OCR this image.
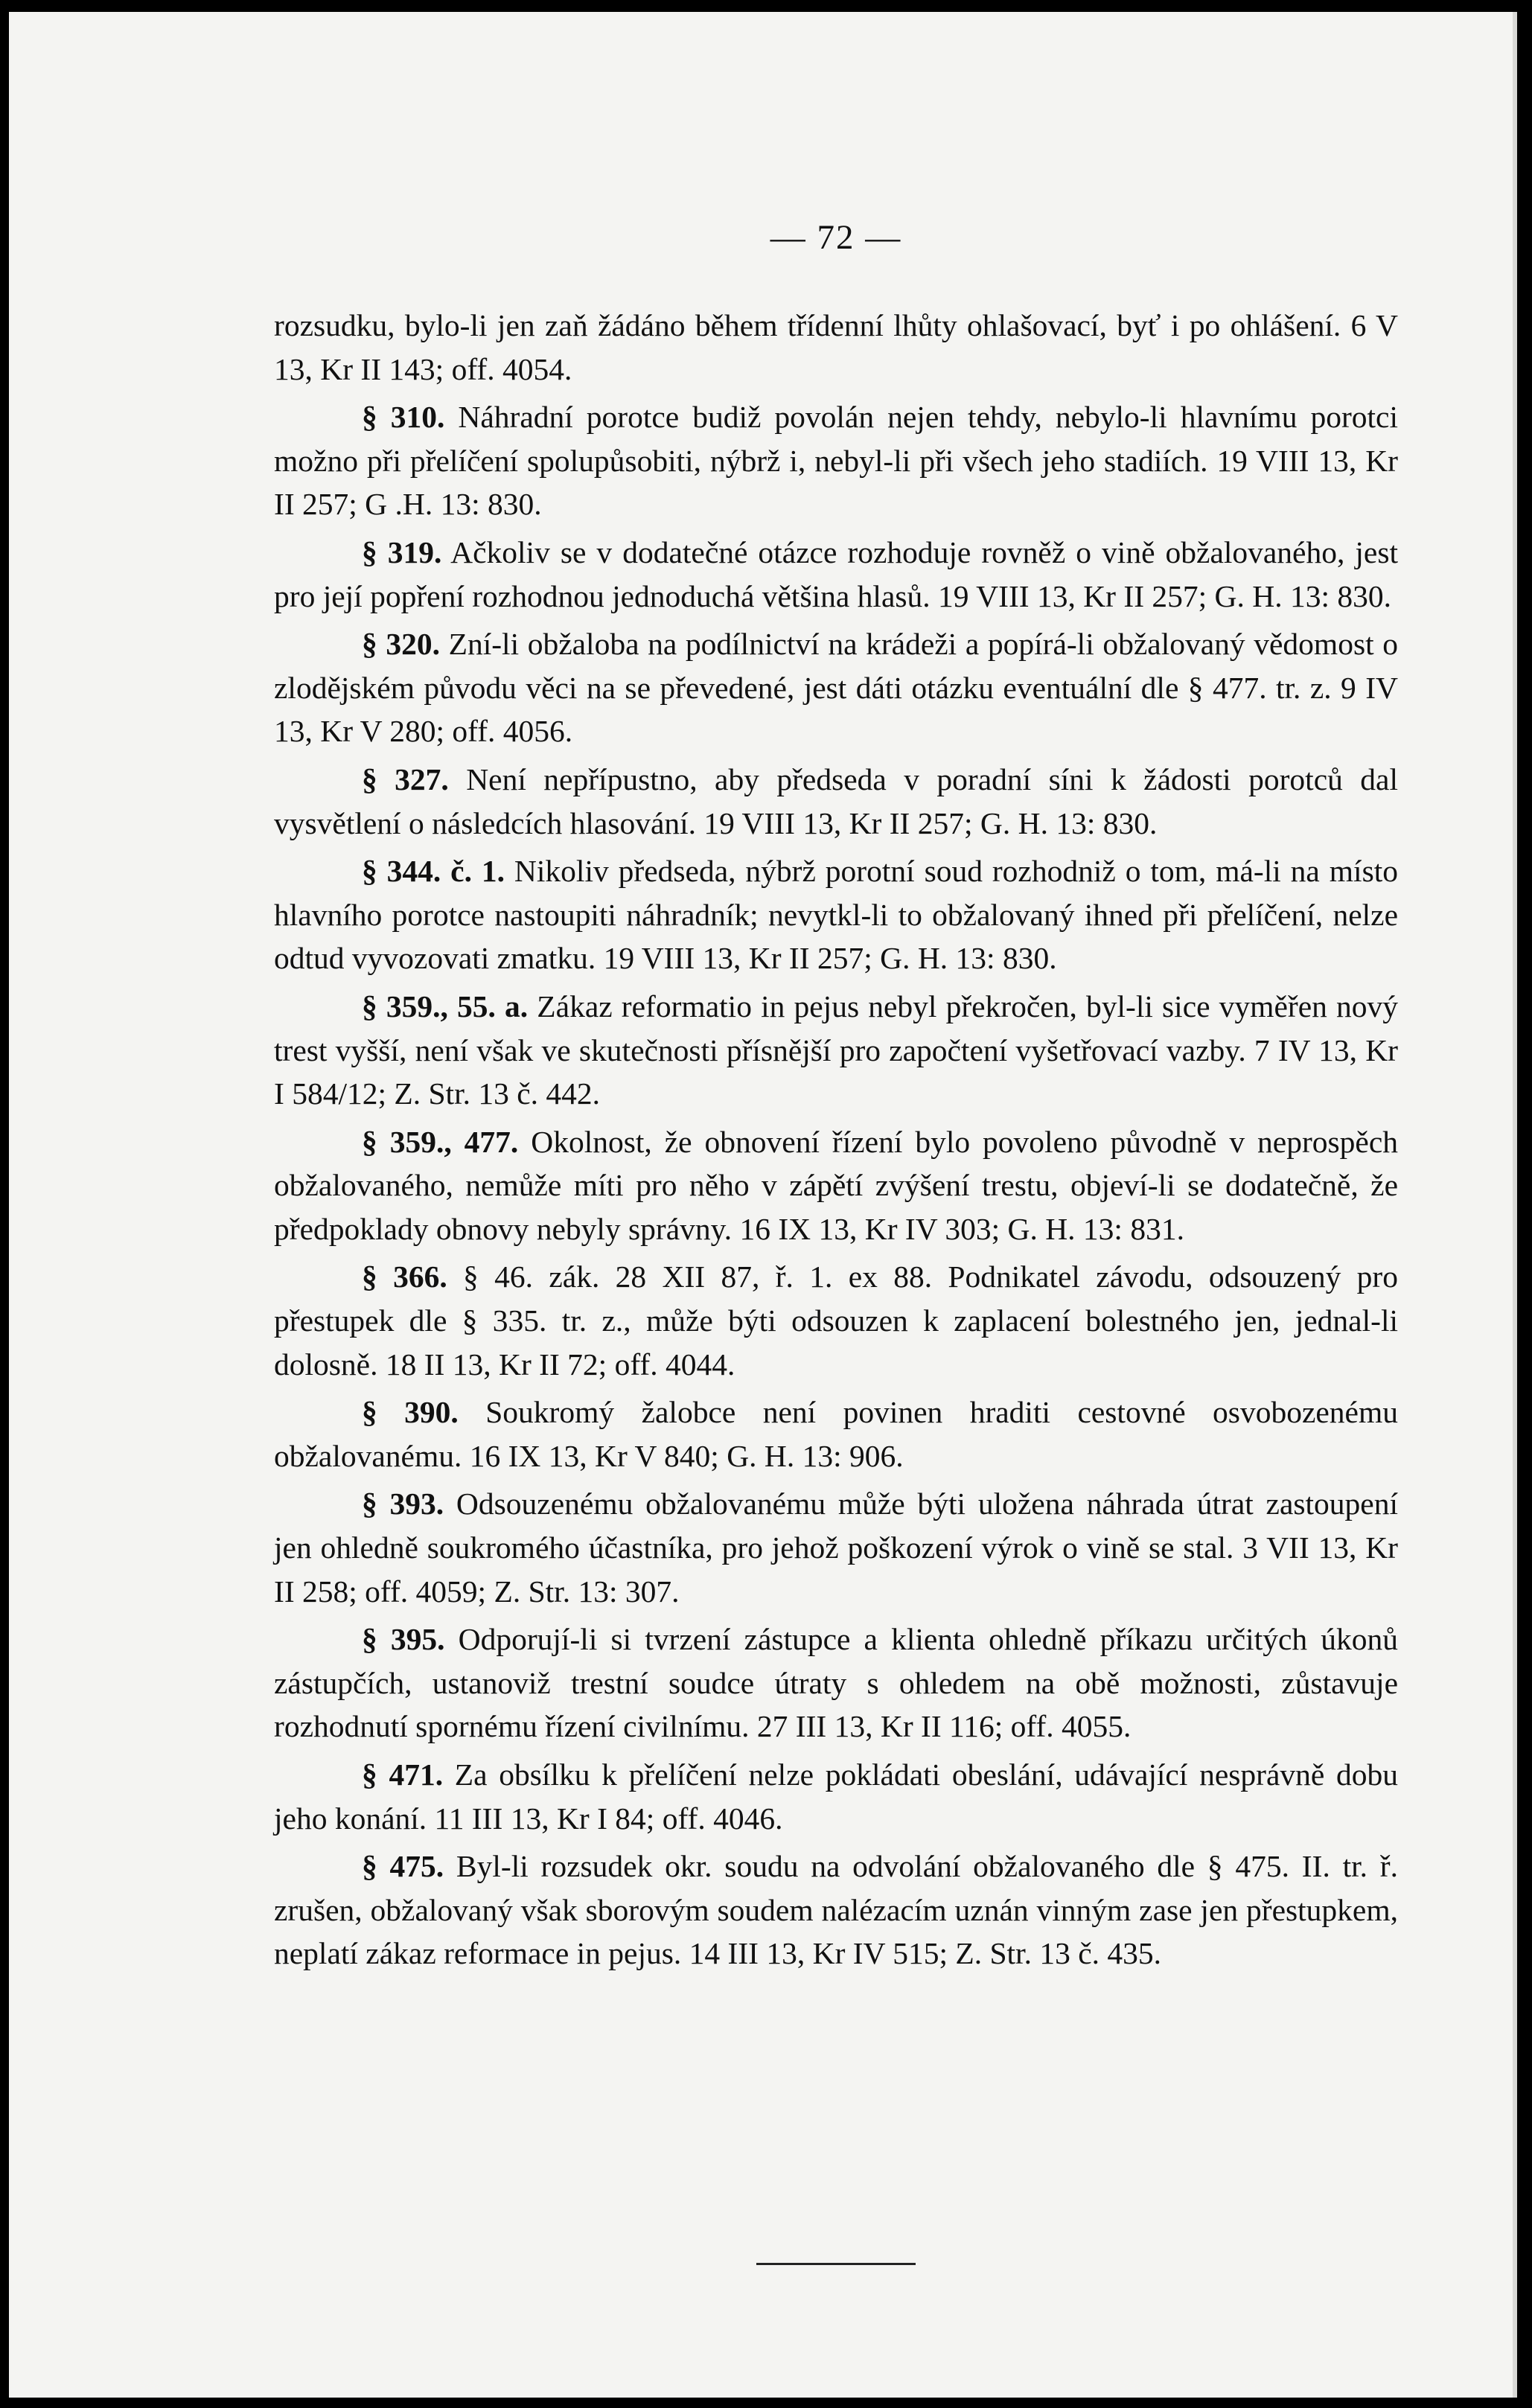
— 72 —

rozsudku, bylo-li jen zaň žádáno během třídenní lhůty ohlašovací, byť i po ohlášení. 6 V 13, Kr II 143; off. 4054.

§ 310. Náhradní porotce budiž povolán nejen tehdy, nebylo-li hlavnímu porotci možno při přelíčení spolupůsobiti, nýbrž i, nebyl-li při všech jeho stadiích. 19 VIII 13, Kr II 257; G .H. 13: 830.

§ 319. Ačkoliv se v dodatečné otázce rozhoduje rovněž o vině obžalovaného, jest pro její popření rozhodnou jednoduchá většina hlasů. 19 VIII 13, Kr II 257; G. H. 13: 830.

§ 320. Zní-li obžaloba na podílnictví na krádeži a popírá-li obžalovaný vědomost o zlodějském původu věci na se převedené, jest dáti otázku eventuální dle § 477. tr. z. 9 IV 13, Kr V 280; off. 4056.

§ 327. Není nepřípustno, aby předseda v poradní síni k žádosti porotců dal vysvětlení o následcích hlasování. 19 VIII 13, Kr II 257; G. H. 13: 830.

§ 344. č. 1. Nikoliv předseda, nýbrž porotní soud rozhodniž o tom, má-li na místo hlavního porotce nastoupiti náhradník; nevytkl-li to obžalovaný ihned při přelíčení, nelze odtud vyvozovati zmatku. 19 VIII 13, Kr II 257; G. H. 13: 830.

§ 359., 55. a. Zákaz reformatio in pejus nebyl překročen, byl-li sice vyměřen nový trest vyšší, není však ve skutečnosti přísnější pro započtení vyšetřovací vazby. 7 IV 13, Kr I 584/12; Z. Str. 13 č. 442.

§ 359., 477. Okolnost, že obnovení řízení bylo povoleno původně v neprospěch obžalovaného, nemůže míti pro něho v zápětí zvýšení trestu, objeví-li se dodatečně, že předpoklady obnovy nebyly správny. 16 IX 13, Kr IV 303; G. H. 13: 831.

§ 366. § 46. zák. 28 XII 87, ř. 1. ex 88. Podnikatel závodu, odsouzený pro přestupek dle § 335. tr. z., může býti odsouzen k zaplacení bolestného jen, jednal-li dolosně. 18 II 13, Kr II 72; off. 4044.

§ 390. Soukromý žalobce není povinen hraditi cestovné osvobozenému obžalovanému. 16 IX 13, Kr V 840; G. H. 13: 906.

§ 393. Odsouzenému obžalovanému může býti uložena náhrada útrat zastoupení jen ohledně soukromého účastníka, pro jehož poškození výrok o vině se stal. 3 VII 13, Kr II 258; off. 4059; Z. Str. 13: 307.

§ 395. Odporují-li si tvrzení zástupce a klienta ohledně příkazu určitých úkonů zástupčích, ustanoviž trestní soudce útraty s ohledem na obě možnosti, zůstavuje rozhodnutí spornému řízení civilnímu. 27 III 13, Kr II 116; off. 4055.

§ 471. Za obsílku k přelíčení nelze pokládati obeslání, udávající nesprávně dobu jeho konání. 11 III 13, Kr I 84; off. 4046.

§ 475. Byl-li rozsudek okr. soudu na odvolání obžalovaného dle § 475. II. tr. ř. zrušen, obžalovaný však sborovým soudem nalézacím uznán vinným zase jen přestupkem, neplatí zákaz reformace in pejus. 14 III 13, Kr IV 515; Z. Str. 13 č. 435.
